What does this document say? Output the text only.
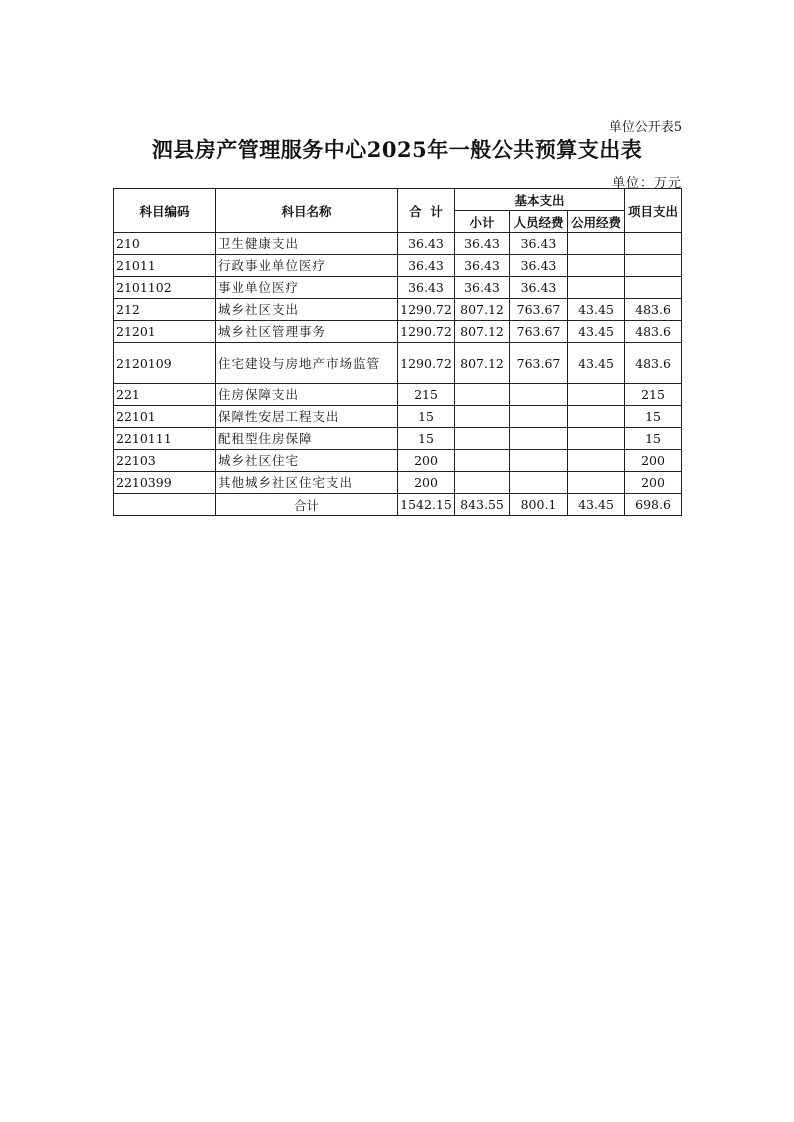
单位公开表5
泗县房产管理服务中心2025年一般公共预算支出表
单位：万元
科目编码	科目名称	合  计	基本支出			项目支出
			小计	人员经费	公用经费	
210	卫生健康支出	36.43	36.43	36.43		
21011	行政事业单位医疗	36.43	36.43	36.43		
2101102	事业单位医疗	36.43	36.43	36.43		
212	城乡社区支出	1290.72	807.12	763.67	43.45	483.6
21201	城乡社区管理事务	1290.72	807.12	763.67	43.45	483.6
2120109	住宅建设与房地产市场监管	1290.72	807.12	763.67	43.45	483.6
221	住房保障支出	215				215
22101	保障性安居工程支出	15				15
2210111	配租型住房保障	15				15
22103	城乡社区住宅	200				200
2210399	其他城乡社区住宅支出	200				200
	合计	1542.15	843.55	800.1	43.45	698.6
